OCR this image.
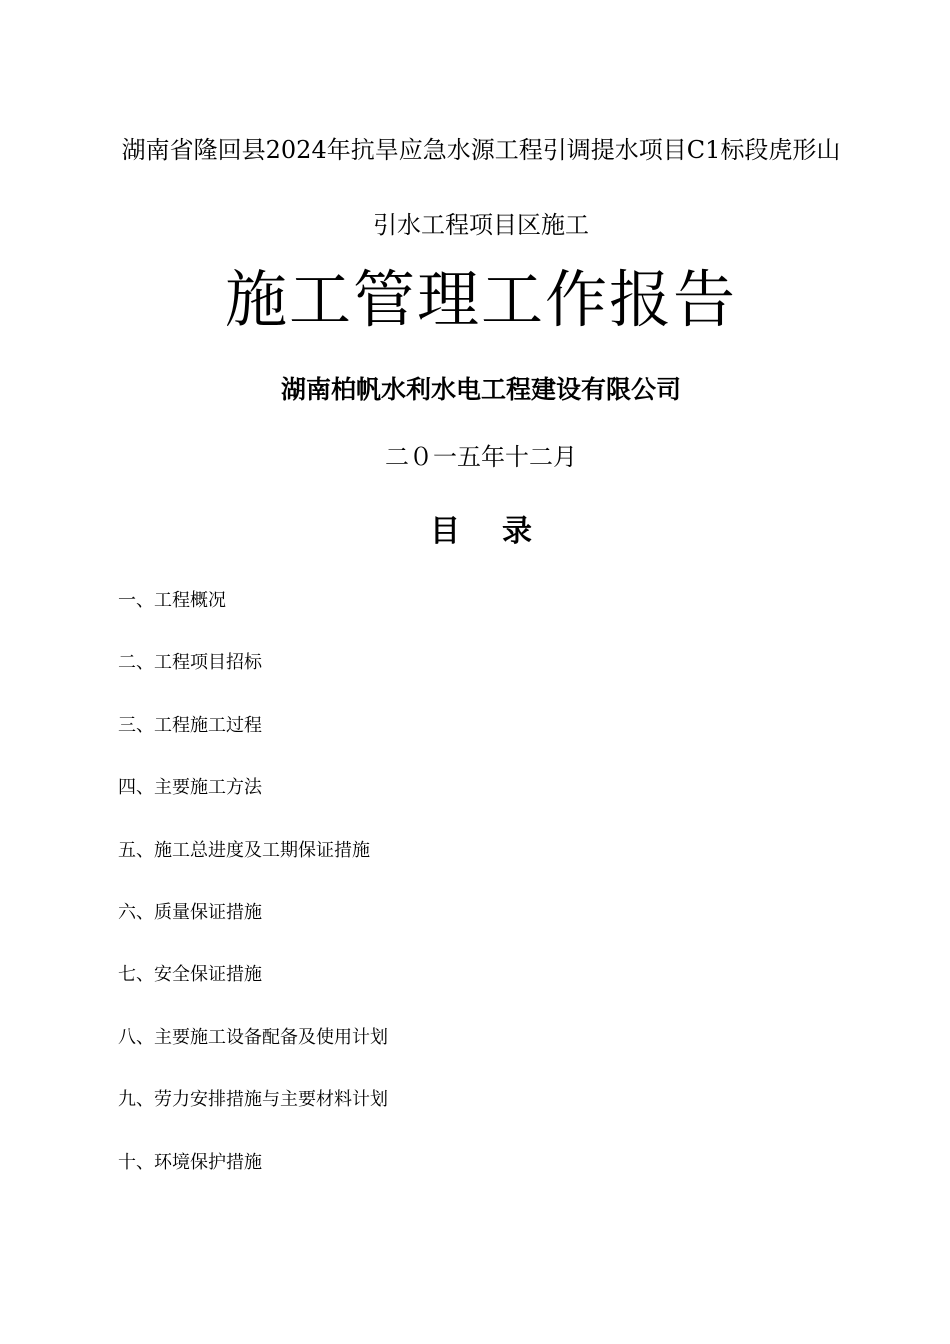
湖南省隆回县2024年抗旱应急水源工程引调提水项目C1标段虎形山
引水工程项目区施工
施工管理工作报告
湖南柏帆水利水电工程建设有限公司
二０一五年十二月
目 录
一、工程概况
二、工程项目招标
三、工程施工过程
四、主要施工方法
五、施工总进度及工期保证措施
六、质量保证措施
七、安全保证措施
八、主要施工设备配备及使用计划
九、劳力安排措施与主要材料计划
十、环境保护措施
